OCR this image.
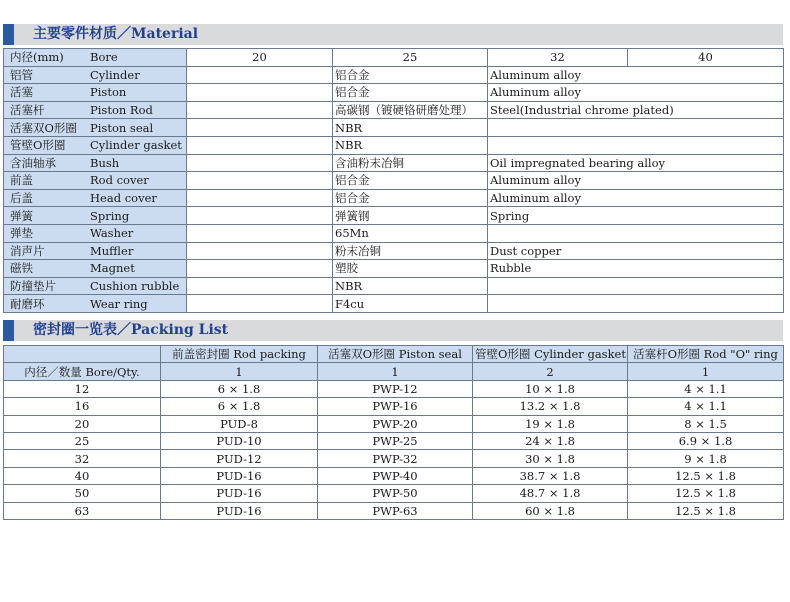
主要零件材质／Material
内径(mm) Bore	20	25	32	40
铝管 Cylinder		铝合金	Aluminum alloy	
活塞 Piston		铝合金	Aluminum alloy	
活塞杆 Piston Rod		高碳钢（镀硬铬研磨处理）	Steel(Industrial chrome plated)	
活塞双O形圈 Piston seal		NBR		
管壁O形圈 Cylinder gasket		NBR		
含油轴承 Bush		含油粉末冶铜	Oil impregnated bearing alloy	
前盖 Rod cover		铝合金	Aluminum alloy	
后盖 Head cover		铝合金	Aluminum alloy	
弹簧 Spring		弹簧钢	Spring	
弹垫 Washer		65Mn		
消声片 Muffler		粉末冶铜	Dust copper	
磁铁 Magnet		塑胶	Rubble	
防撞垫片 Cushion rubble		NBR		
耐磨环 Wear ring		F4cu		
密封圈一览表／Packing List
	前盖密封圈 Rod packing	活塞双O形圈 Piston seal	管壁O形圈 Cylinder gasket	活塞杆O形圈 Rod "O" ring
内径／数量 Bore/Qty.	1	1	2	1
12	6 × 1.8	PWP-12	10 × 1.8	4 × 1.1
16	6 × 1.8	PWP-16	13.2 × 1.8	4 × 1.1
20	PUD-8	PWP-20	19 × 1.8	8 × 1.5
25	PUD-10	PWP-25	24 × 1.8	6.9 × 1.8
32	PUD-12	PWP-32	30 × 1.8	9 × 1.8
40	PUD-16	PWP-40	38.7 × 1.8	12.5 × 1.8
50	PUD-16	PWP-50	48.7 × 1.8	12.5 × 1.8
63	PUD-16	PWP-63	60 × 1.8	12.5 × 1.8
